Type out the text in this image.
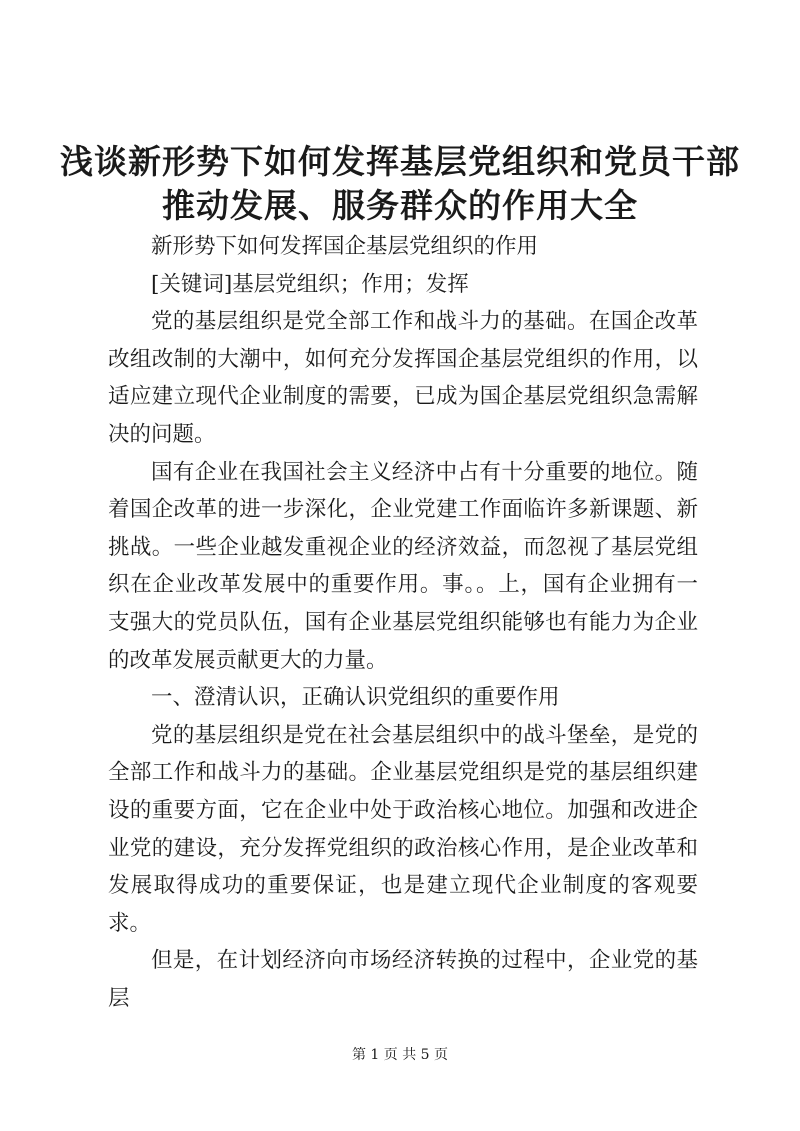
浅谈新形势下如何发挥基层党组织和党员干部
推动发展、服务群众的作用大全

新形势下如何发挥国企基层党组织的作用

[关键词]基层党组织；作用；发挥

党的基层组织是党全部工作和战斗力的基础。在国企改革改组改制的大潮中，如何充分发挥国企基层党组织的作用，以适应建立现代企业制度的需要，已成为国企基层党组织急需解决的问题。

国有企业在我国社会主义经济中占有十分重要的地位。随着国企改革的进一步深化，企业党建工作面临许多新课题、新挑战。一些企业越发重视企业的经济效益，而忽视了基层党组织在企业改革发展中的重要作用。事。。上，国有企业拥有一支强大的党员队伍，国有企业基层党组织能够也有能力为企业的改革发展贡献更大的力量。

一、澄清认识，正确认识党组织的重要作用

党的基层组织是党在社会基层组织中的战斗堡垒，是党的全部工作和战斗力的基础。企业基层党组织是党的基层组织建设的重要方面，它在企业中处于政治核心地位。加强和改进企业党的建设，充分发挥党组织的政治核心作用，是企业改革和发展取得成功的重要保证，也是建立现代企业制度的客观要求。

但是，在计划经济向市场经济转换的过程中，企业党的基层

第 1 页 共 5 页
